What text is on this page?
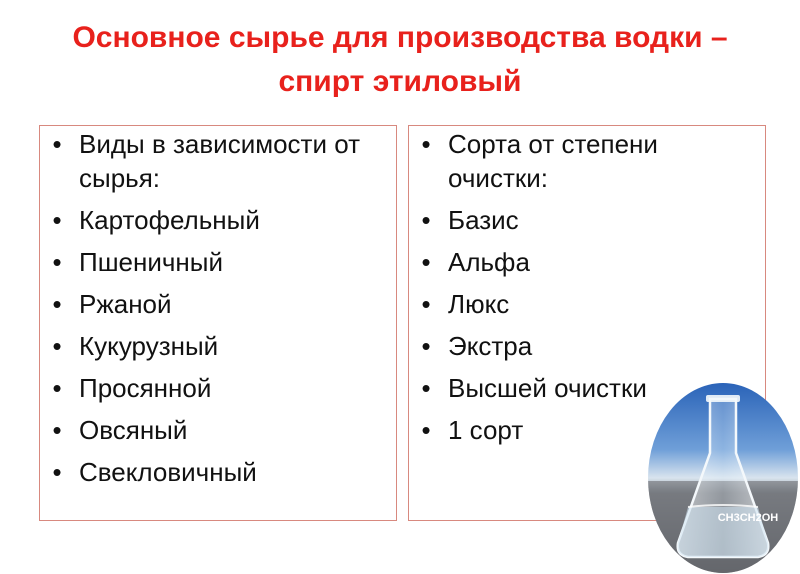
Основное сырье для производства водки –
спирт этиловый
• Виды в зависимости от сырья:
• Картофельный
• Пшеничный
• Ржаной
• Кукурузный
• Просянной
• Овсяный
• Свекловичный
• Сорта от степени очистки:
• Базис
• Альфа
• Люкс
• Экстра
• Высшей очистки
• 1 сорт
CH3CH2OH
